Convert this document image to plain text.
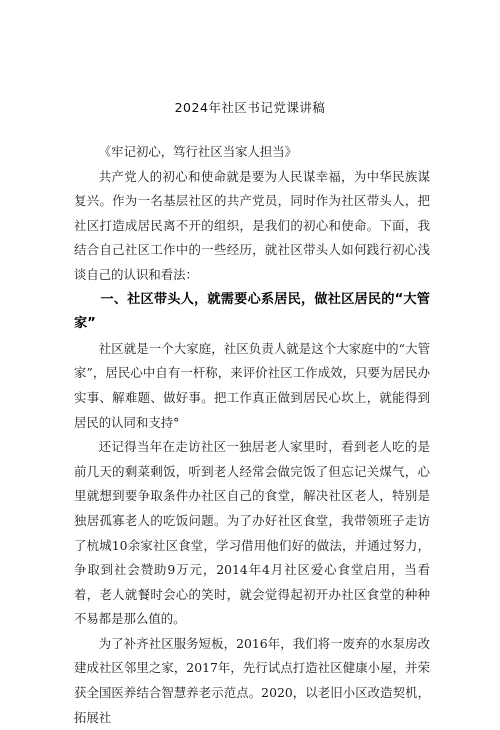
2024年社区书记党课讲稿

《牢记初心，笃行社区当家人担当》

共产党人的初心和使命就是要为人民谋幸福，为中华民族谋复兴。作为一名基层社区的共产党员，同时作为社区带头人，把社区打造成居民离不开的组织，是我们的初心和使命。下面，我结合自己社区工作中的一些经历，就社区带头人如何践行初心浅谈自己的认识和看法：

一、社区带头人，就需要心系居民，做社区居民的“大管家”

社区就是一个大家庭，社区负责人就是这个大家庭中的“大管家”，居民心中自有一杆称，来评价社区工作成效，只要为居民办实事、解难题、做好事。把工作真正做到居民心坎上，就能得到居民的认同和支持°

还记得当年在走访社区一独居老人家里时，看到老人吃的是前几天的剩菜剩饭，听到老人经常会做完饭了但忘记关煤气，心里就想到要争取条件办社区自己的食堂，解决社区老人，特别是独居孤寡老人的吃饭问题。为了办好社区食堂，我带领班子走访了杭城10余家社区食堂，学习借用他们好的做法，并通过努力，争取到社会赞助9万元，2014年4月社区爱心食堂启用，当看着，老人就餐时会心的笑时，就会觉得起初开办社区食堂的种种不易都是那么值的。

为了补齐社区服务短板，2016年，我们将一废弃的水泵房改建成社区邻里之家，2017年，先行试点打造社区健康小屋，并荣获全国医养结合智慧养老示范点。2020，以老旧小区改造契机，拓展社
